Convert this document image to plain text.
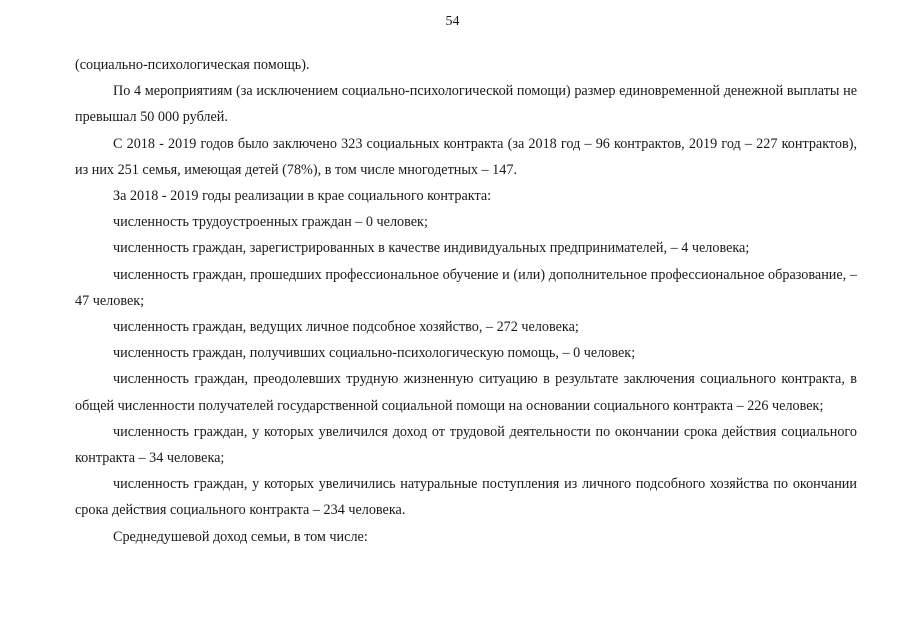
54

(социально-психологическая помощь).

По 4 мероприятиям (за исключением социально-психологической помощи) размер единовременной денежной выплаты не превышал 50 000 рублей.

С 2018 - 2019 годов было заключено 323 социальных контракта (за 2018 год – 96 контрактов, 2019 год – 227 контрактов), из них 251 семья, имеющая детей (78%), в том числе многодетных – 147.

За 2018 - 2019 годы реализации в крае социального контракта:

численность трудоустроенных граждан – 0 человек;

численность граждан, зарегистрированных в качестве индивидуальных предпринимателей, – 4 человека;

численность граждан, прошедших профессиональное обучение и (или) дополнительное профессиональное образование, – 47 человек;

численность граждан, ведущих личное подсобное хозяйство, – 272 человека;

численность граждан, получивших социально-психологическую помощь, – 0 человек;

численность граждан, преодолевших трудную жизненную ситуацию в результате заключения социального контракта, в общей численности получателей государственной социальной помощи на основании социального контракта – 226 человек;

численность граждан, у которых увеличился доход от трудовой деятельности по окончании срока действия социального контракта – 34 человека;

численность граждан, у которых увеличились натуральные поступления из личного подсобного хозяйства по окончании срока действия социального контракта – 234 человека.

Среднедушевой доход семьи, в том числе:
